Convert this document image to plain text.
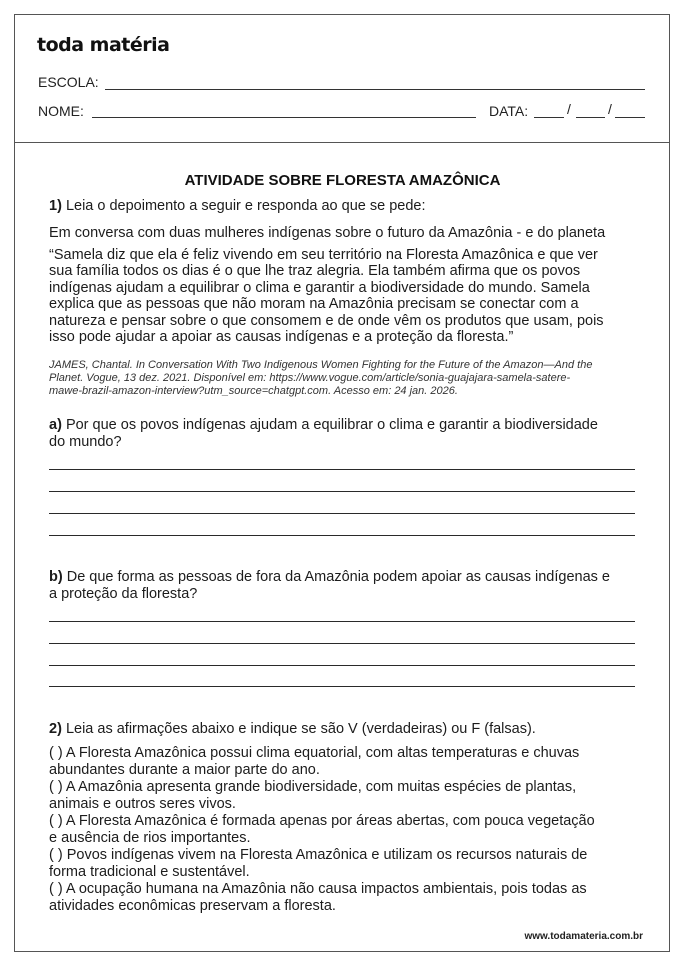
toda matéria
ESCOLA:
NOME:	DATA:	/	/
ATIVIDADE SOBRE FLORESTA AMAZÔNICA
1) Leia o depoimento a seguir e responda ao que se pede:
Em conversa com duas mulheres indígenas sobre o futuro da Amazônia - e do planeta
“Samela diz que ela é feliz vivendo em seu território na Floresta Amazônica e que ver
sua família todos os dias é o que lhe traz alegria. Ela também afirma que os povos
indígenas ajudam a equilibrar o clima e garantir a biodiversidade do mundo. Samela
explica que as pessoas que não moram na Amazônia precisam se conectar com a
natureza e pensar sobre o que consomem e de onde vêm os produtos que usam, pois
isso pode ajudar a apoiar as causas indígenas e a proteção da floresta.”
JAMES, Chantal. In Conversation With Two Indigenous Women Fighting for the Future of the Amazon—And the
Planet. Vogue, 13 dez. 2021. Disponível em: https://www.vogue.com/article/sonia-guajajara-samela-satere-
mawe-brazil-amazon-interview?utm_source=chatgpt.com. Acesso em: 24 jan. 2026.
a) Por que os povos indígenas ajudam a equilibrar o clima e garantir a biodiversidade
do mundo?
b) De que forma as pessoas de fora da Amazônia podem apoiar as causas indígenas e
a proteção da floresta?
2) Leia as afirmações abaixo e indique se são V (verdadeiras) ou F (falsas).
( ) A Floresta Amazônica possui clima equatorial, com altas temperaturas e chuvas
abundantes durante a maior parte do ano.
( ) A Amazônia apresenta grande biodiversidade, com muitas espécies de plantas,
animais e outros seres vivos.
( ) A Floresta Amazônica é formada apenas por áreas abertas, com pouca vegetação
e ausência de rios importantes.
( ) Povos indígenas vivem na Floresta Amazônica e utilizam os recursos naturais de
forma tradicional e sustentável.
( ) A ocupação humana na Amazônia não causa impactos ambientais, pois todas as
atividades econômicas preservam a floresta.
www.todamateria.com.br
